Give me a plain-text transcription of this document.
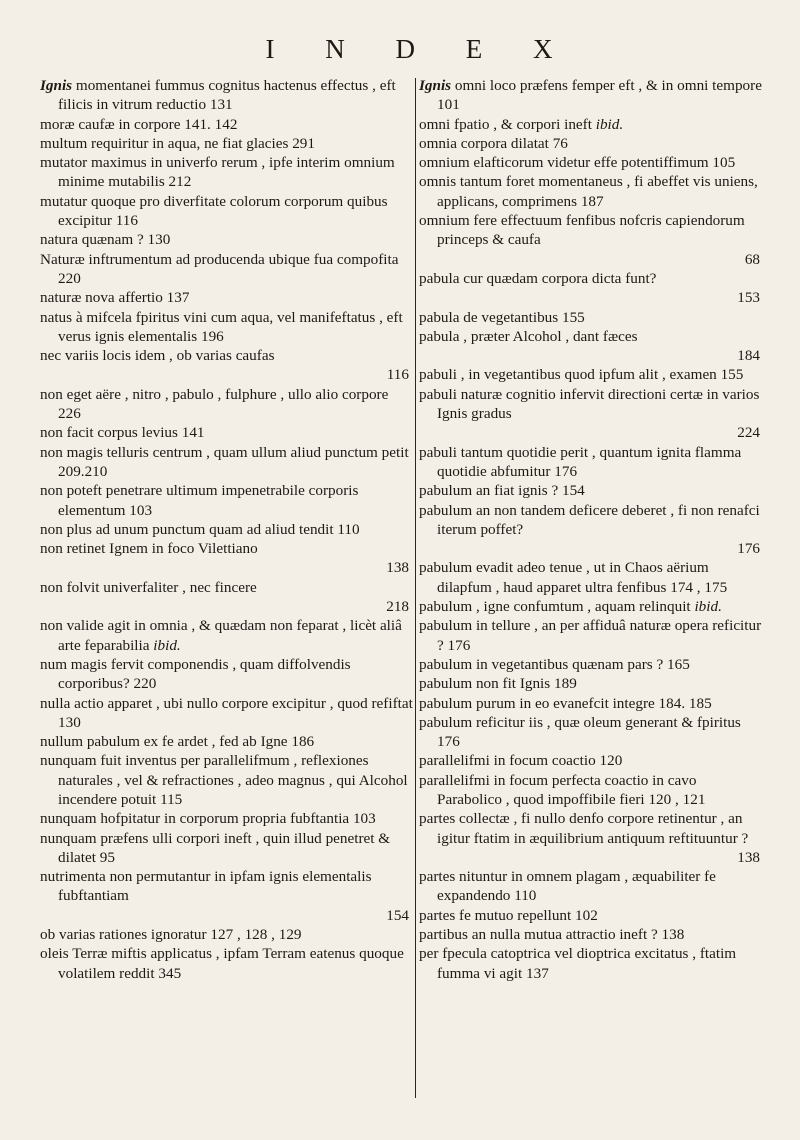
I N D E X
Ignis momentanei fummus cognitus hactenus effectus , eft filicis in vitrum reductio 131
moræ caufæ in corpore 141. 142
multum requiritur in aqua, ne fiat glacies 291
mutator maximus in univerfo rerum , ipfe interim omnium minime mutabilis 212
mutatur quoque pro diverfitate colorum corporum quibus excipitur 116
natura quænam ? 130
Naturæ inftrumentum ad producenda ubique fua compofita 220
naturæ nova affertio 137
natus à mifcela fpiritus vini cum aqua, vel manifeftatus , eft verus ignis elementalis 196
nec variis locis idem , ob varias caufas
116
non eget aëre , nitro , pabulo , fulphure , ullo alio corpore 226
non facit corpus levius 141
non magis telluris centrum , quam ullum aliud punctum petit 209.210
non poteft penetrare ultimum impenetrabile corporis elementum 103
non plus ad unum punctum quam ad aliud tendit 110
non retinet Ignem in foco Vilettiano
138
non folvit univerfaliter , nec fincere
218
non valide agit in omnia , & quædam non feparat , licèt aliâ arte feparabilia ibid.
num magis fervit componendis , quam diffolvendis corporibus? 220
nulla actio apparet , ubi nullo corpore excipitur , quod refiftat 130
nullum pabulum ex fe ardet , fed ab Igne 186
nunquam fuit inventus per parallelifmum , reflexiones naturales , vel & refractiones , adeo magnus , qui Alcohol incendere potuit 115
nunquam hofpitatur in corporum propria fubftantia 103
nunquam præfens ulli corpori ineft , quin illud penetret & dilatet 95
nutrimenta non permutantur in ipfam ignis elementalis fubftantiam
154
ob varias rationes ignoratur 127 , 128 , 129
oleis Terræ miftis applicatus , ipfam Terram eatenus quoque volatilem reddit 345
Ignis omni loco præfens femper eft , & in omni tempore 101
omni fpatio , & corpori ineft ibid.
omnia corpora dilatat 76
omnium elafticorum videtur effe potentiffimum 105
omnis tantum foret momentaneus , fi abeffet vis uniens, applicans, comprimens 187
omnium fere effectuum fenfibus nofcris capiendorum princeps & caufa
68
pabula cur quædam corpora dicta funt?
153
pabula de vegetantibus 155
pabula , præter Alcohol , dant fæces
184
pabuli , in vegetantibus quod ipfum alit , examen 155
pabuli naturæ cognitio infervit directioni certæ in varios Ignis gradus
224
pabuli tantum quotidie perit , quantum ignita flamma quotidie abfumitur 176
pabulum an fiat ignis ? 154
pabulum an non tandem deficere deberet , fi non renafci iterum poffet?
176
pabulum evadit adeo tenue , ut in Chaos aërium dilapfum , haud apparet ultra fenfibus 174 , 175
pabulum , igne confumtum , aquam relinquit ibid.
pabulum in tellure , an per affiduâ naturæ opera reficitur ? 176
pabulum in vegetantibus quænam pars ? 165
pabulum non fit Ignis 189
pabulum purum in eo evanefcit integre 184. 185
pabulum reficitur iis , quæ oleum generant & fpiritus 176
parallelifmi in focum coactio 120
parallelifmi in focum perfecta coactio in cavo Parabolico , quod impoffibile fieri 120 , 121
partes collectæ , fi nullo denfo corpore retinentur , an igitur ftatim in æquilibrium antiquum reftituuntur ?
138
partes nituntur in omnem plagam , æquabiliter fe expandendo 110
partes fe mutuo repellunt 102
partibus an nulla mutua attractio ineft ? 138
per fpecula catoptrica vel dioptrica excitatus , ftatim fumma vi agit 137
